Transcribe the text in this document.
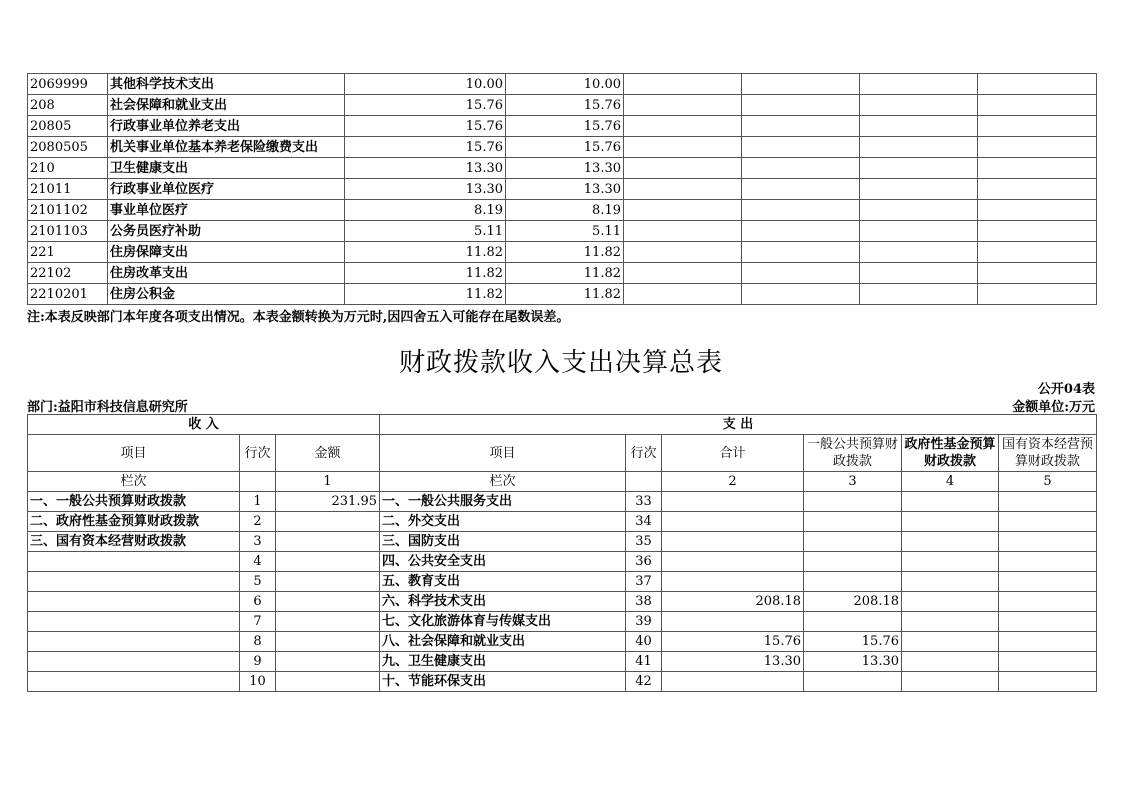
2069999	其他科学技术支出	10.00	10.00				
208	社会保障和就业支出	15.76	15.76				
20805	行政事业单位养老支出	15.76	15.76				
2080505	机关事业单位基本养老保险缴费支出	15.76	15.76				
210	卫生健康支出	13.30	13.30				
21011	行政事业单位医疗	13.30	13.30				
2101102	事业单位医疗	8.19	8.19				
2101103	公务员医疗补助	5.11	5.11				
221	住房保障支出	11.82	11.82				
22102	住房改革支出	11.82	11.82				
2210201	住房公积金	11.82	11.82				
注:本表反映部门本年度各项支出情况。本表金额转换为万元时,因四舍五入可能存在尾数误差。
财政拨款收入支出决算总表
公开04表
部门:益阳市科技信息研究所	金额单位:万元
收 入			支 出					
项目	行次	金额	项目	行次	合计	一般公共预算财政拨款	政府性基金预算财政拨款	国有资本经营预算财政拨款
栏次		1	栏次		2	3	4	5
一、一般公共预算财政拨款	1	231.95	一、一般公共服务支出	33				
二、政府性基金预算财政拨款	2		二、外交支出	34				
三、国有资本经营财政拨款	3		三、国防支出	35				
	4		四、公共安全支出	36				
	5		五、教育支出	37				
	6		六、科学技术支出	38	208.18	208.18		
	7		七、文化旅游体育与传媒支出	39				
	8		八、社会保障和就业支出	40	15.76	15.76		
	9		九、卫生健康支出	41	13.30	13.30		
	10		十、节能环保支出	42				
